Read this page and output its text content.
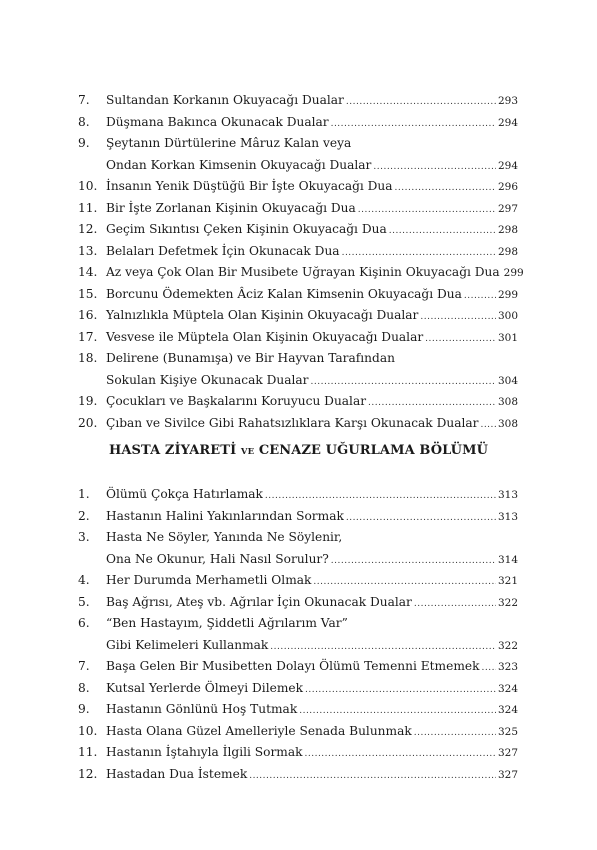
7.	Sultandan Korkanın Okuyacağı Dualar .....	293
8.	Düşmana Bakınca Okunacak Dualar .....	294
9.	Şeytanın Dürtülerine Mâruz Kalan veya
Ondan Korkan Kimsenin Okuyacağı Dualar .....	294
10. İnsanın Yenik Düştüğü Bir İşte Okuyacağı Dua .....	296
11. Bir İşte Zorlanan Kişinin Okuyacağı Dua .....	297
12. Geçim Sıkıntısı Çeken Kişinin Okuyacağı Dua .....	298
13. Belaları Defetmek İçin Okunacak Dua .....	298
14. Az veya Çok Olan Bir Musibete Uğrayan Kişinin Okuyacağı Dua 299
15. Borcunu Ödemekten Âciz Kalan Kimsenin Okuyacağı Dua .....	299
16. Yalnızlıkla Müptela Olan Kişinin Okuyacağı Dualar .....	300
17. Vesvese ile Müptela Olan Kişinin Okuyacağı Dualar .....	301
18. Delirene (Bunamışa) ve Bir Hayvan Tarafından
Sokulan Kişiye Okunacak Dualar .....	304
19. Çocukları ve Başkalarını Koruyucu Dualar .....	308
20. Çıban ve Sivilce Gibi Rahatsızlıklara Karşı Okunacak Dualar ..... 308
HASTA ZİYARETİ VE CENAZE UĞURLAMA BÖLÜMÜ
1.	Ölümü Çokça Hatırlamak .....	313
2.	Hastanın Halini Yakınlarından Sormak .....	313
3.	Hasta Ne Söyler, Yanında Ne Söylenir,
Ona Ne Okunur, Hali Nasıl Sorulur? .....	314
4.	Her Durumda Merhametli Olmak .....	321
5.	Baş Ağrısı, Ateş vb. Ağrılar İçin Okunacak Dualar .....	322
6.	“Ben Hastayım, Şiddetli Ağrılarım Var”
Gibi Kelimeleri Kullanmak .....	322
7.	Başa Gelen Bir Musibetten Dolayı Ölümü Temenni Etmemek ..... 323
8.	Kutsal Yerlerde Ölmeyi Dilemek .....	324
9.	Hastanın Gönlünü Hoş Tutmak .....	324
10. Hasta Olana Güzel Amelleriyle Senada Bulunmak .....	325
11. Hastanın İştahıyla İlgili Sormak .....	327
12. Hastadan Dua İstemek .....	327
